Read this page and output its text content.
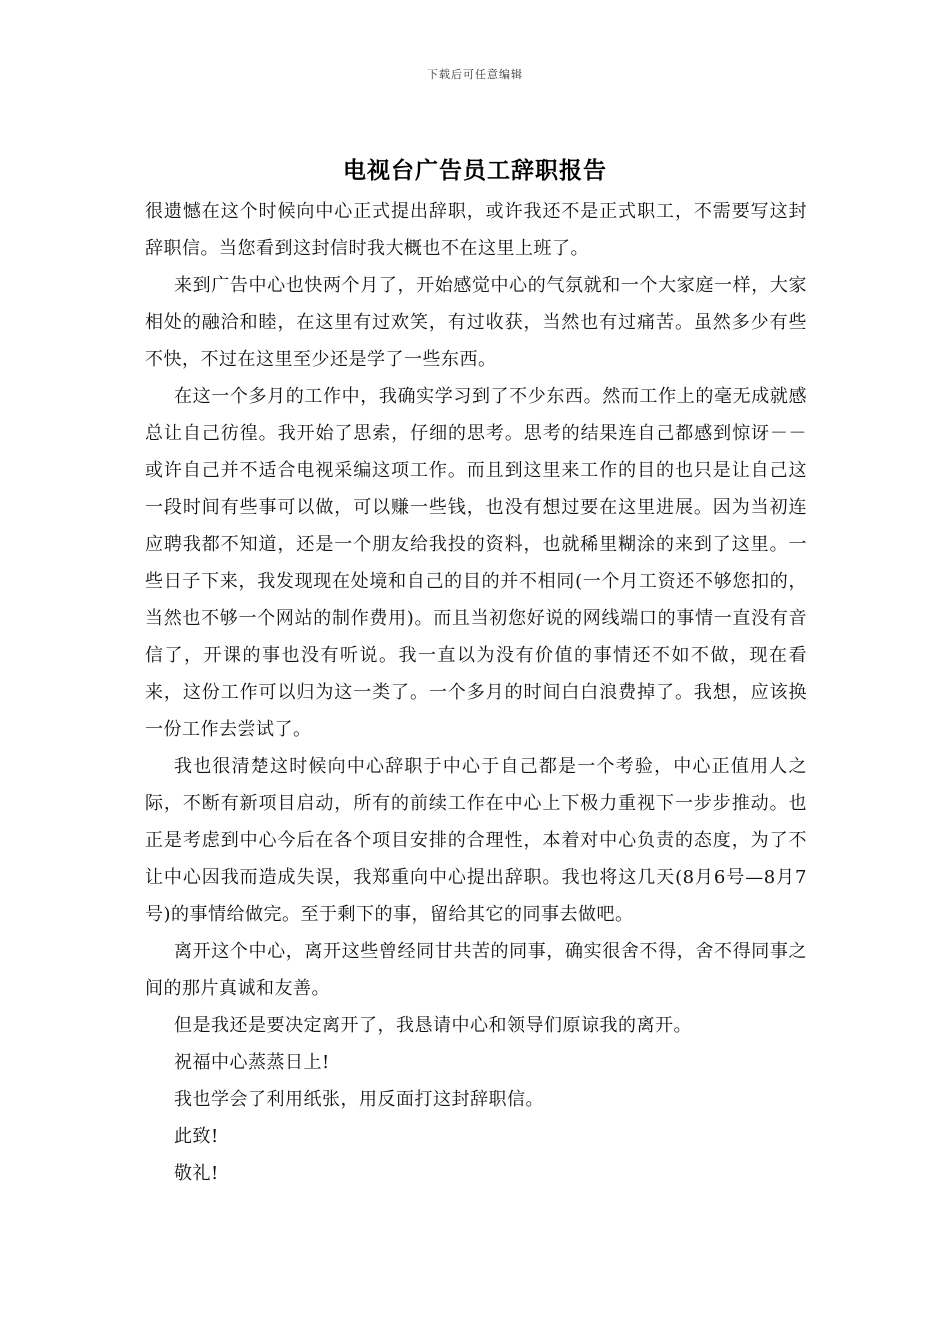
下载后可任意编辑
电视台广告员工辞职报告

很遗憾在这个时候向中心正式提出辞职，或许我还不是正式职工，不需要写这封辞职信。当您看到这封信时我大概也不在这里上班了。

来到广告中心也快两个月了，开始感觉中心的气氛就和一个大家庭一样，大家相处的融洽和睦，在这里有过欢笑，有过收获，当然也有过痛苦。虽然多少有些不快，不过在这里至少还是学了一些东西。

在这一个多月的工作中，我确实学习到了不少东西。然而工作上的毫无成就感总让自己彷徨。我开始了思索，仔细的思考。思考的结果连自己都感到惊讶－－或许自己并不适合电视采编这项工作。而且到这里来工作的目的也只是让自己这一段时间有些事可以做，可以赚一些钱，也没有想过要在这里进展。因为当初连应聘我都不知道，还是一个朋友给我投的资料，也就稀里糊涂的来到了这里。一些日子下来，我发现现在处境和自己的目的并不相同(一个月工资还不够您扣的，当然也不够一个网站的制作费用)。而且当初您好说的网线端口的事情一直没有音信了，开课的事也没有听说。我一直以为没有价值的事情还不如不做，现在看来，这份工作可以归为这一类了。一个多月的时间白白浪费掉了。我想，应该换一份工作去尝试了。

我也很清楚这时候向中心辞职于中心于自己都是一个考验，中心正值用人之际，不断有新项目启动，所有的前续工作在中心上下极力重视下一步步推动。也正是考虑到中心今后在各个项目安排的合理性，本着对中心负责的态度，为了不让中心因我而造成失误，我郑重向中心提出辞职。我也将这几天(8月6号—8月7号)的事情给做完。至于剩下的事，留给其它的同事去做吧。

离开这个中心，离开这些曾经同甘共苦的同事，确实很舍不得，舍不得同事之间的那片真诚和友善。

但是我还是要决定离开了，我恳请中心和领导们原谅我的离开。

祝福中心蒸蒸日上!

我也学会了利用纸张，用反面打这封辞职信。

此致!

敬礼!
